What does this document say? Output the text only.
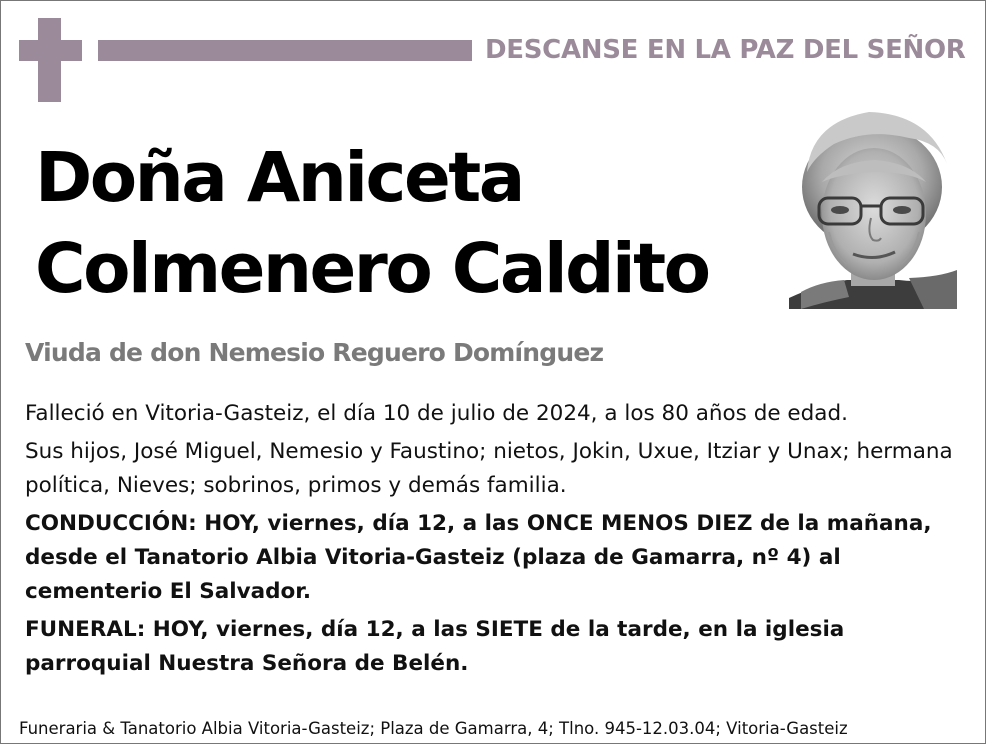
DESCANSE EN LA PAZ DEL SEÑOR
Doña Aniceta
Colmenero Caldito
Viuda de don Nemesio Reguero Domínguez

Falleció en Vitoria-Gasteiz, el día 10 de julio de 2024, a los 80 años de edad.

Sus hijos, José Miguel, Nemesio y Faustino; nietos, Jokin, Uxue, Itziar y Unax; hermana política, Nieves; sobrinos, primos y demás familia.

CONDUCCIÓN: HOY, viernes, día 12, a las ONCE MENOS DIEZ de la mañana, desde el Tanatorio Albia Vitoria-Gasteiz (plaza de Gamarra, nº 4) al cementerio El Salvador.

FUNERAL: HOY, viernes, día 12, a las SIETE de la tarde, en la iglesia parroquial Nuestra Señora de Belén.

Funeraria & Tanatorio Albia Vitoria-Gasteiz; Plaza de Gamarra, 4; Tlno. 945-12.03.04; Vitoria-Gasteiz
